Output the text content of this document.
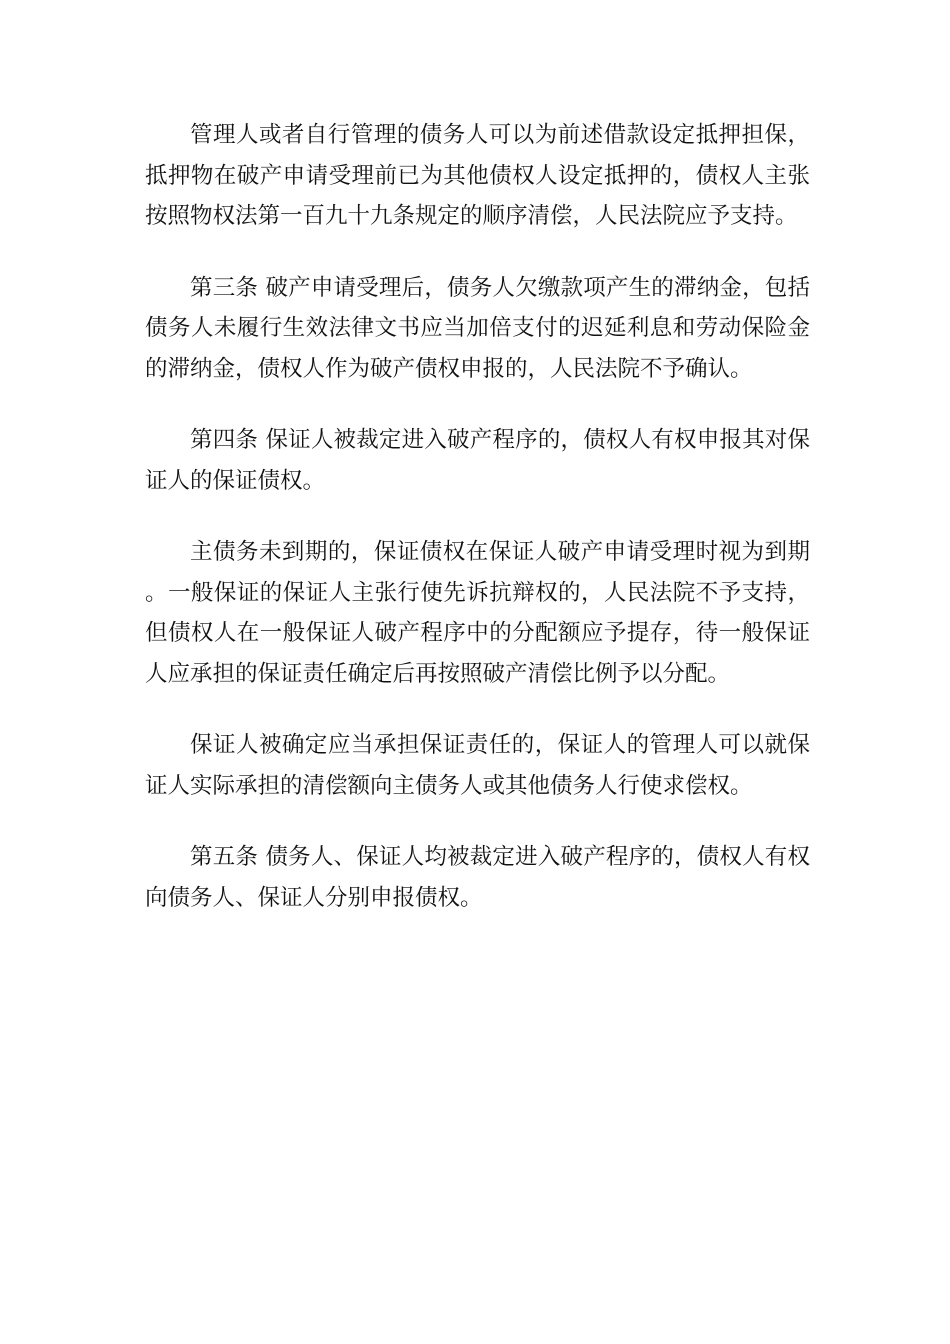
管理人或者自行管理的债务人可以为前述借款设定抵押担保，抵押物在破产申请受理前已为其他债权人设定抵押的，债权人主张按照物权法第一百九十九条规定的顺序清偿，人民法院应予支持。

第三条 破产申请受理后，债务人欠缴款项产生的滞纳金，包括债务人未履行生效法律文书应当加倍支付的迟延利息和劳动保险金的滞纳金，债权人作为破产债权申报的，人民法院不予确认。

第四条 保证人被裁定进入破产程序的，债权人有权申报其对保证人的保证债权。

主债务未到期的，保证债权在保证人破产申请受理时视为到期。一般保证的保证人主张行使先诉抗辩权的，人民法院不予支持，但债权人在一般保证人破产程序中的分配额应予提存，待一般保证人应承担的保证责任确定后再按照破产清偿比例予以分配。

保证人被确定应当承担保证责任的，保证人的管理人可以就保证人实际承担的清偿额向主债务人或其他债务人行使求偿权。

第五条 债务人、保证人均被裁定进入破产程序的，债权人有权向债务人、保证人分别申报债权。
